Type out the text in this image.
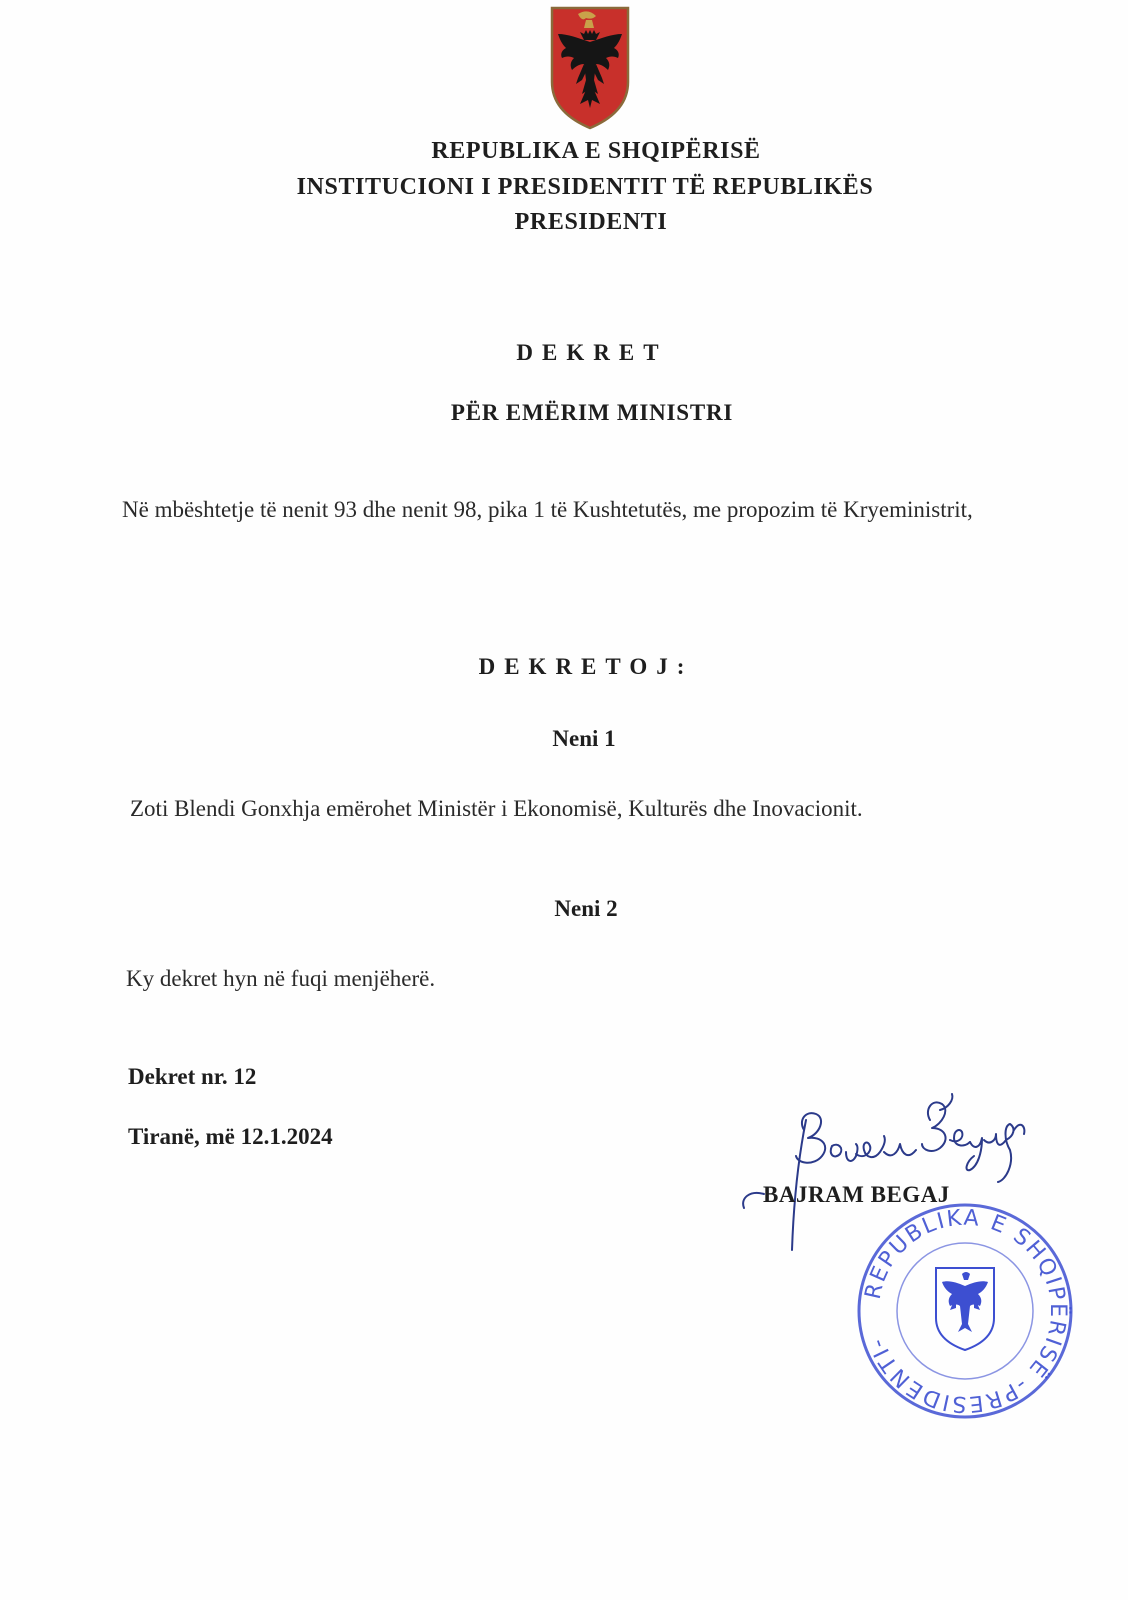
REPUBLIKA E SHQIPËRISË
INSTITUCIONI I PRESIDENTIT TË REPUBLIKËS
PRESIDENTI
DEKRET
PËR EMËRIM MINISTRI
Në mbështetje të nenit 93 dhe nenit 98, pika 1 të Kushtetutës, me propozim të Kryeministrit,
DEKRETOJ:
Neni 1
Zoti Blendi Gonxhja emërohet Ministër i Ekonomisë, Kulturës dhe Inovacionit.
Neni 2
Ky dekret hyn në fuqi menjëherë.
Dekret nr. 12
Tiranë, më 12.1.2024
BAJRAM BEGAJ
REPUBLIKA E SHQIPËRISË -PRESIDENTI-
